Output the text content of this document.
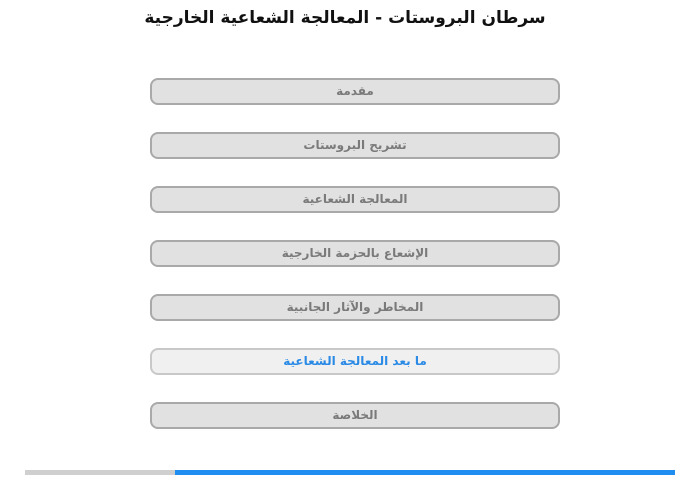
سرطان البروستات - المعالجة الشعاعية الخارجية
مقدمة
تشريح البروستات
المعالجة الشعاعية
الإشعاع بالحزمة الخارجية
المخاطر والآثار الجانبية
ما بعد المعالجة الشعاعية
الخلاصة
